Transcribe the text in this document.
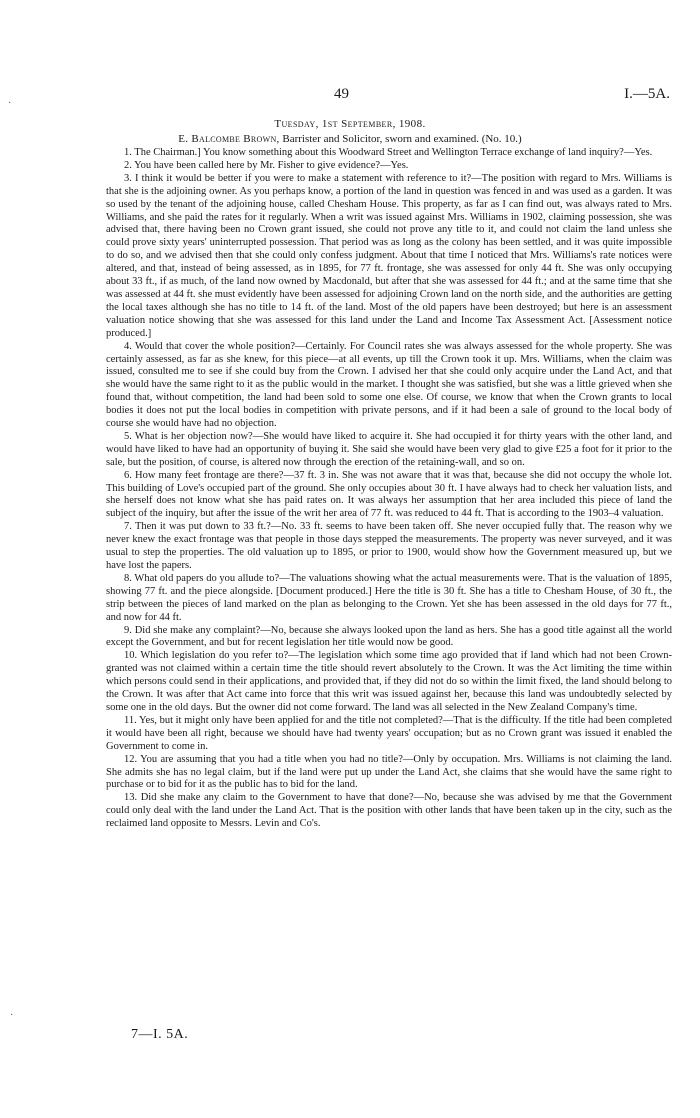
49	I.—5A.
Tuesday, 1st September, 1908.
E. Balcombe Brown, Barrister and Solicitor, sworn and examined. (No. 10.)

1. The Chairman.] You know something about this Woodward Street and Wellington Terrace exchange of land inquiry?—Yes.

2. You have been called here by Mr. Fisher to give evidence?—Yes.

3. I think it would be better if you were to make a statement with reference to it?—The position with regard to Mrs. Williams is that she is the adjoining owner. As you perhaps know, a portion of the land in question was fenced in and was used as a garden. It was so used by the tenant of the adjoining house, called Chesham House. This property, as far as I can find out, was always rated to Mrs. Williams, and she paid the rates for it regularly. When a writ was issued against Mrs. Williams in 1902, claiming possession, she was advised that, there having been no Crown grant issued, she could not prove any title to it, and could not claim the land unless she could prove sixty years' uninterrupted possession. That period was as long as the colony has been settled, and it was quite impossible to do so, and we advised then that she could only confess judgment. About that time I noticed that Mrs. Williams's rate notices were altered, and that, instead of being assessed, as in 1895, for 77 ft. frontage, she was assessed for only 44 ft. She was only occupying about 33 ft., if as much, of the land now owned by Macdonald, but after that she was assessed for 44 ft.; and at the same time that she was assessed at 44 ft. she must evidently have been assessed for adjoining Crown land on the north side, and the authorities are getting the local taxes although she has no title to 14 ft. of the land. Most of the old papers have been destroyed; but here is an assessment valuation notice showing that she was assessed for this land under the Land and Income Tax Assessment Act. [Assessment notice produced.]

4. Would that cover the whole position?—Certainly. For Council rates she was always assessed for the whole property. She was certainly assessed, as far as she knew, for this piece—at all events, up till the Crown took it up. Mrs. Williams, when the claim was issued, consulted me to see if she could buy from the Crown. I advised her that she could only acquire under the Land Act, and that she would have the same right to it as the public would in the market. I thought she was satisfied, but she was a little grieved when she found that, without competition, the land had been sold to some one else. Of course, we know that when the Crown grants to local bodies it does not put the local bodies in competition with private persons, and if it had been a sale of ground to the local body of course she would have had no objection.

5. What is her objection now?—She would have liked to acquire it. She had occupied it for thirty years with the other land, and would have liked to have had an opportunity of buying it. She said she would have been very glad to give £25 a foot for it prior to the sale, but the position, of course, is altered now through the erection of the retaining-wall, and so on.

6. How many feet frontage are there?—37 ft. 3 in. She was not aware that it was that, because she did not occupy the whole lot. This building of Love's occupied part of the ground. She only occupies about 30 ft. I have always had to check her valuation lists, and she herself does not know what she has paid rates on. It was always her assumption that her area included this piece of land the subject of the inquiry, but after the issue of the writ her area of 77 ft. was reduced to 44 ft. That is according to the 1903–4 valuation.

7. Then it was put down to 33 ft.?—No. 33 ft. seems to have been taken off. She never occupied fully that. The reason why we never knew the exact frontage was that people in those days stepped the measurements. The property was never surveyed, and it was usual to step the properties. The old valuation up to 1895, or prior to 1900, would show how the Government measured up, but we have lost the papers.

8. What old papers do you allude to?—The valuations showing what the actual measurements were. That is the valuation of 1895, showing 77 ft. and the piece alongside. [Document produced.] Here the title is 30 ft. She has a title to Chesham House, of 30 ft., the strip between the pieces of land marked on the plan as belonging to the Crown. Yet she has been assessed in the old days for 77 ft., and now for 44 ft.

9. Did she make any complaint?—No, because she always looked upon the land as hers. She has a good title against all the world except the Government, and but for recent legislation her title would now be good.

10. Which legislation do you refer to?—The legislation which some time ago provided that if land which had not been Crown-granted was not claimed within a certain time the title should revert absolutely to the Crown. It was the Act limiting the time within which persons could send in their applications, and provided that, if they did not do so within the limit fixed, the land should belong to the Crown. It was after that Act came into force that this writ was issued against her, because this land was undoubtedly selected by some one in the old days. But the owner did not come forward. The land was all selected in the New Zealand Company's time.

11. Yes, but it might only have been applied for and the title not completed?—That is the difficulty. If the title had been completed it would have been all right, because we should have had twenty years' occupation; but as no Crown grant was issued it enabled the Government to come in.

12. You are assuming that you had a title when you had no title?—Only by occupation. Mrs. Williams is not claiming the land. She admits she has no legal claim, but if the land were put up under the Land Act, she claims that she would have the same right to purchase or to bid for it as the public has to bid for the land.

13. Did she make any claim to the Government to have that done?—No, because she was advised by me that the Government could only deal with the land under the Land Act. That is the position with other lands that have been taken up in the city, such as the reclaimed land opposite to Messrs. Levin and Co's.

7—I. 5A.
·
·
